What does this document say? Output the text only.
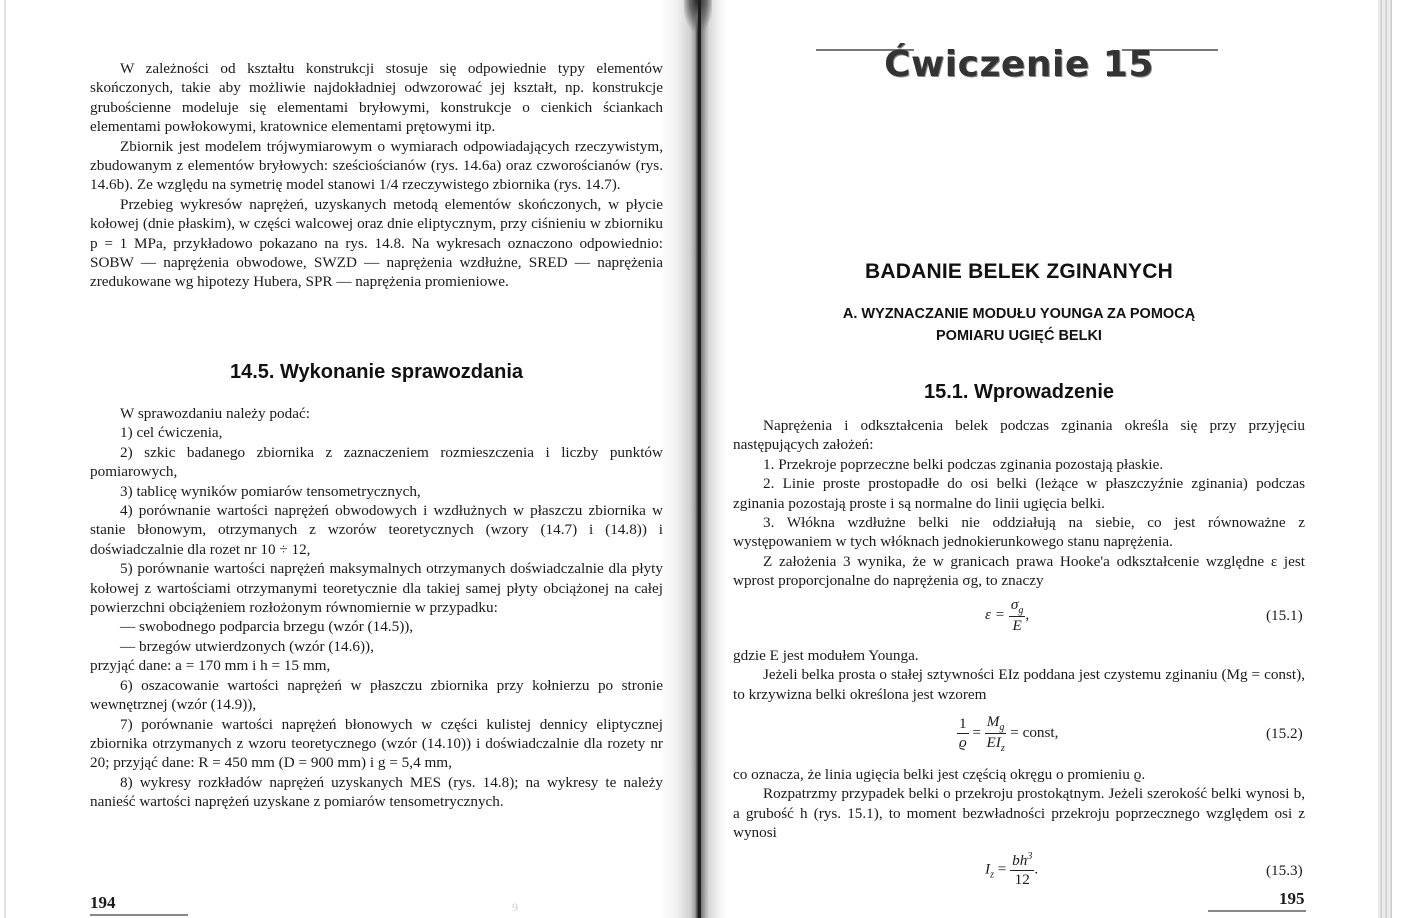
W zależności od kształtu konstrukcji stosuje się odpowiednie typy elementów skończonych, takie aby możliwie najdokładniej odwzorować jej kształt, np. konstrukcje grubościenne modeluje się elementami bryłowymi, konstrukcje o cienkich ściankach elementami powłokowymi, kratownice elementami prętowymi itp.

Zbiornik jest modelem trójwymiarowym o wymiarach odpowiadających rzeczywistym, zbudowanym z elementów bryłowych: sześciościanów (rys. 14.6a) oraz czworościanów (rys. 14.6b). Ze względu na symetrię model stanowi 1/4 rzeczywistego zbiornika (rys. 14.7).

Przebieg wykresów naprężeń, uzyskanych metodą elementów skończonych, w płycie kołowej (dnie płaskim), w części walcowej oraz dnie eliptycznym, przy ciśnieniu w zbiorniku p = 1 MPa, przykładowo pokazano na rys. 14.8. Na wykresach oznaczono odpowiednio: SOBW — naprężenia obwodowe, SWZD — naprężenia wzdłużne, SRED — naprężenia zredukowane wg hipotezy Hubera, SPR — naprężenia promieniowe.

14.5. Wykonanie sprawozdania

W sprawozdaniu należy podać:

1) cel ćwiczenia,

2) szkic badanego zbiornika z zaznaczeniem rozmieszczenia i liczby punktów pomiarowych,

3) tablicę wyników pomiarów tensometrycznych,

4) porównanie wartości naprężeń obwodowych i wzdłużnych w płaszczu zbiornika w stanie błonowym, otrzymanych z wzorów teoretycznych (wzory (14.7) i (14.8)) i doświadczalnie dla rozet nr 10 ÷ 12,

5) porównanie wartości naprężeń maksymalnych otrzymanych doświadczalnie dla płyty kołowej z wartościami otrzymanymi teoretycznie dla takiej samej płyty obciążonej na całej powierzchni obciążeniem rozłożonym równomiernie w przypadku:

— swobodnego podparcia brzegu (wzór (14.5)),

— brzegów utwierdzonych (wzór (14.6)),

przyjąć dane: a = 170 mm i h = 15 mm,

6) oszacowanie wartości naprężeń w płaszczu zbiornika przy kołnierzu po stronie wewnętrznej (wzór (14.9)),

7) porównanie wartości naprężeń błonowych w części kulistej dennicy eliptycznej zbiornika otrzymanych z wzoru teoretycznego (wzór (14.10)) i doświadczalnie dla rozety nr 20; przyjąć dane: R = 450 mm (D = 900 mm) i g = 5,4 mm,

8) wykresy rozkładów naprężeń uzyskanych MES (rys. 14.8); na wykresy te należy nanieść wartości naprężeń uzyskane z pomiarów tensometrycznych.

194	9
Ćwiczenie 15
BADANIE BELEK ZGINANYCH
A. WYZNACZANIE MODUŁU YOUNGA ZA POMOCĄ
POMIARU UGIĘĆ BELKI
15.1. Wprowadzenie

Naprężenia i odkształcenia belek podczas zginania określa się przy przyjęciu następujących założeń:

1. Przekroje poprzeczne belki podczas zginania pozostają płaskie.

2. Linie proste prostopadłe do osi belki (leżące w płaszczyźnie zginania) podczas zginania pozostają proste i są normalne do linii ugięcia belki.

3. Włókna wzdłużne belki nie oddziałują na siebie, co jest równoważne z występowaniem w tych włóknach jednokierunkowego stanu naprężenia.

Z założenia 3 wynika, że w granicach prawa Hooke'a odkształcenie względne ε jest wprost proporcjonalne do naprężenia σg, to znaczy

$\varepsilon = \frac{\sigma_g}{E}$ ,	(15.1)

gdzie E jest modułem Younga.

Jeżeli belka prosta o stałej sztywności EIz poddana jest czystemu zginaniu (Mg = const), to krzywizna belki określona jest wzorem

$\frac{1}{ϱ} = \frac{M_g}{EI_z}$ = const,	(15.2)

co oznacza, że linia ugięcia belki jest częścią okręgu o promieniu ϱ.

Rozpatrzmy przypadek belki o przekroju prostokątnym. Jeżeli szerokość belki wynosi b, a grubość h (rys. 15.1), to moment bezwładności przekroju poprzecznego względem osi z wynosi

$I_z = \frac{bh^3}{12}$ .	(15.3)
195
